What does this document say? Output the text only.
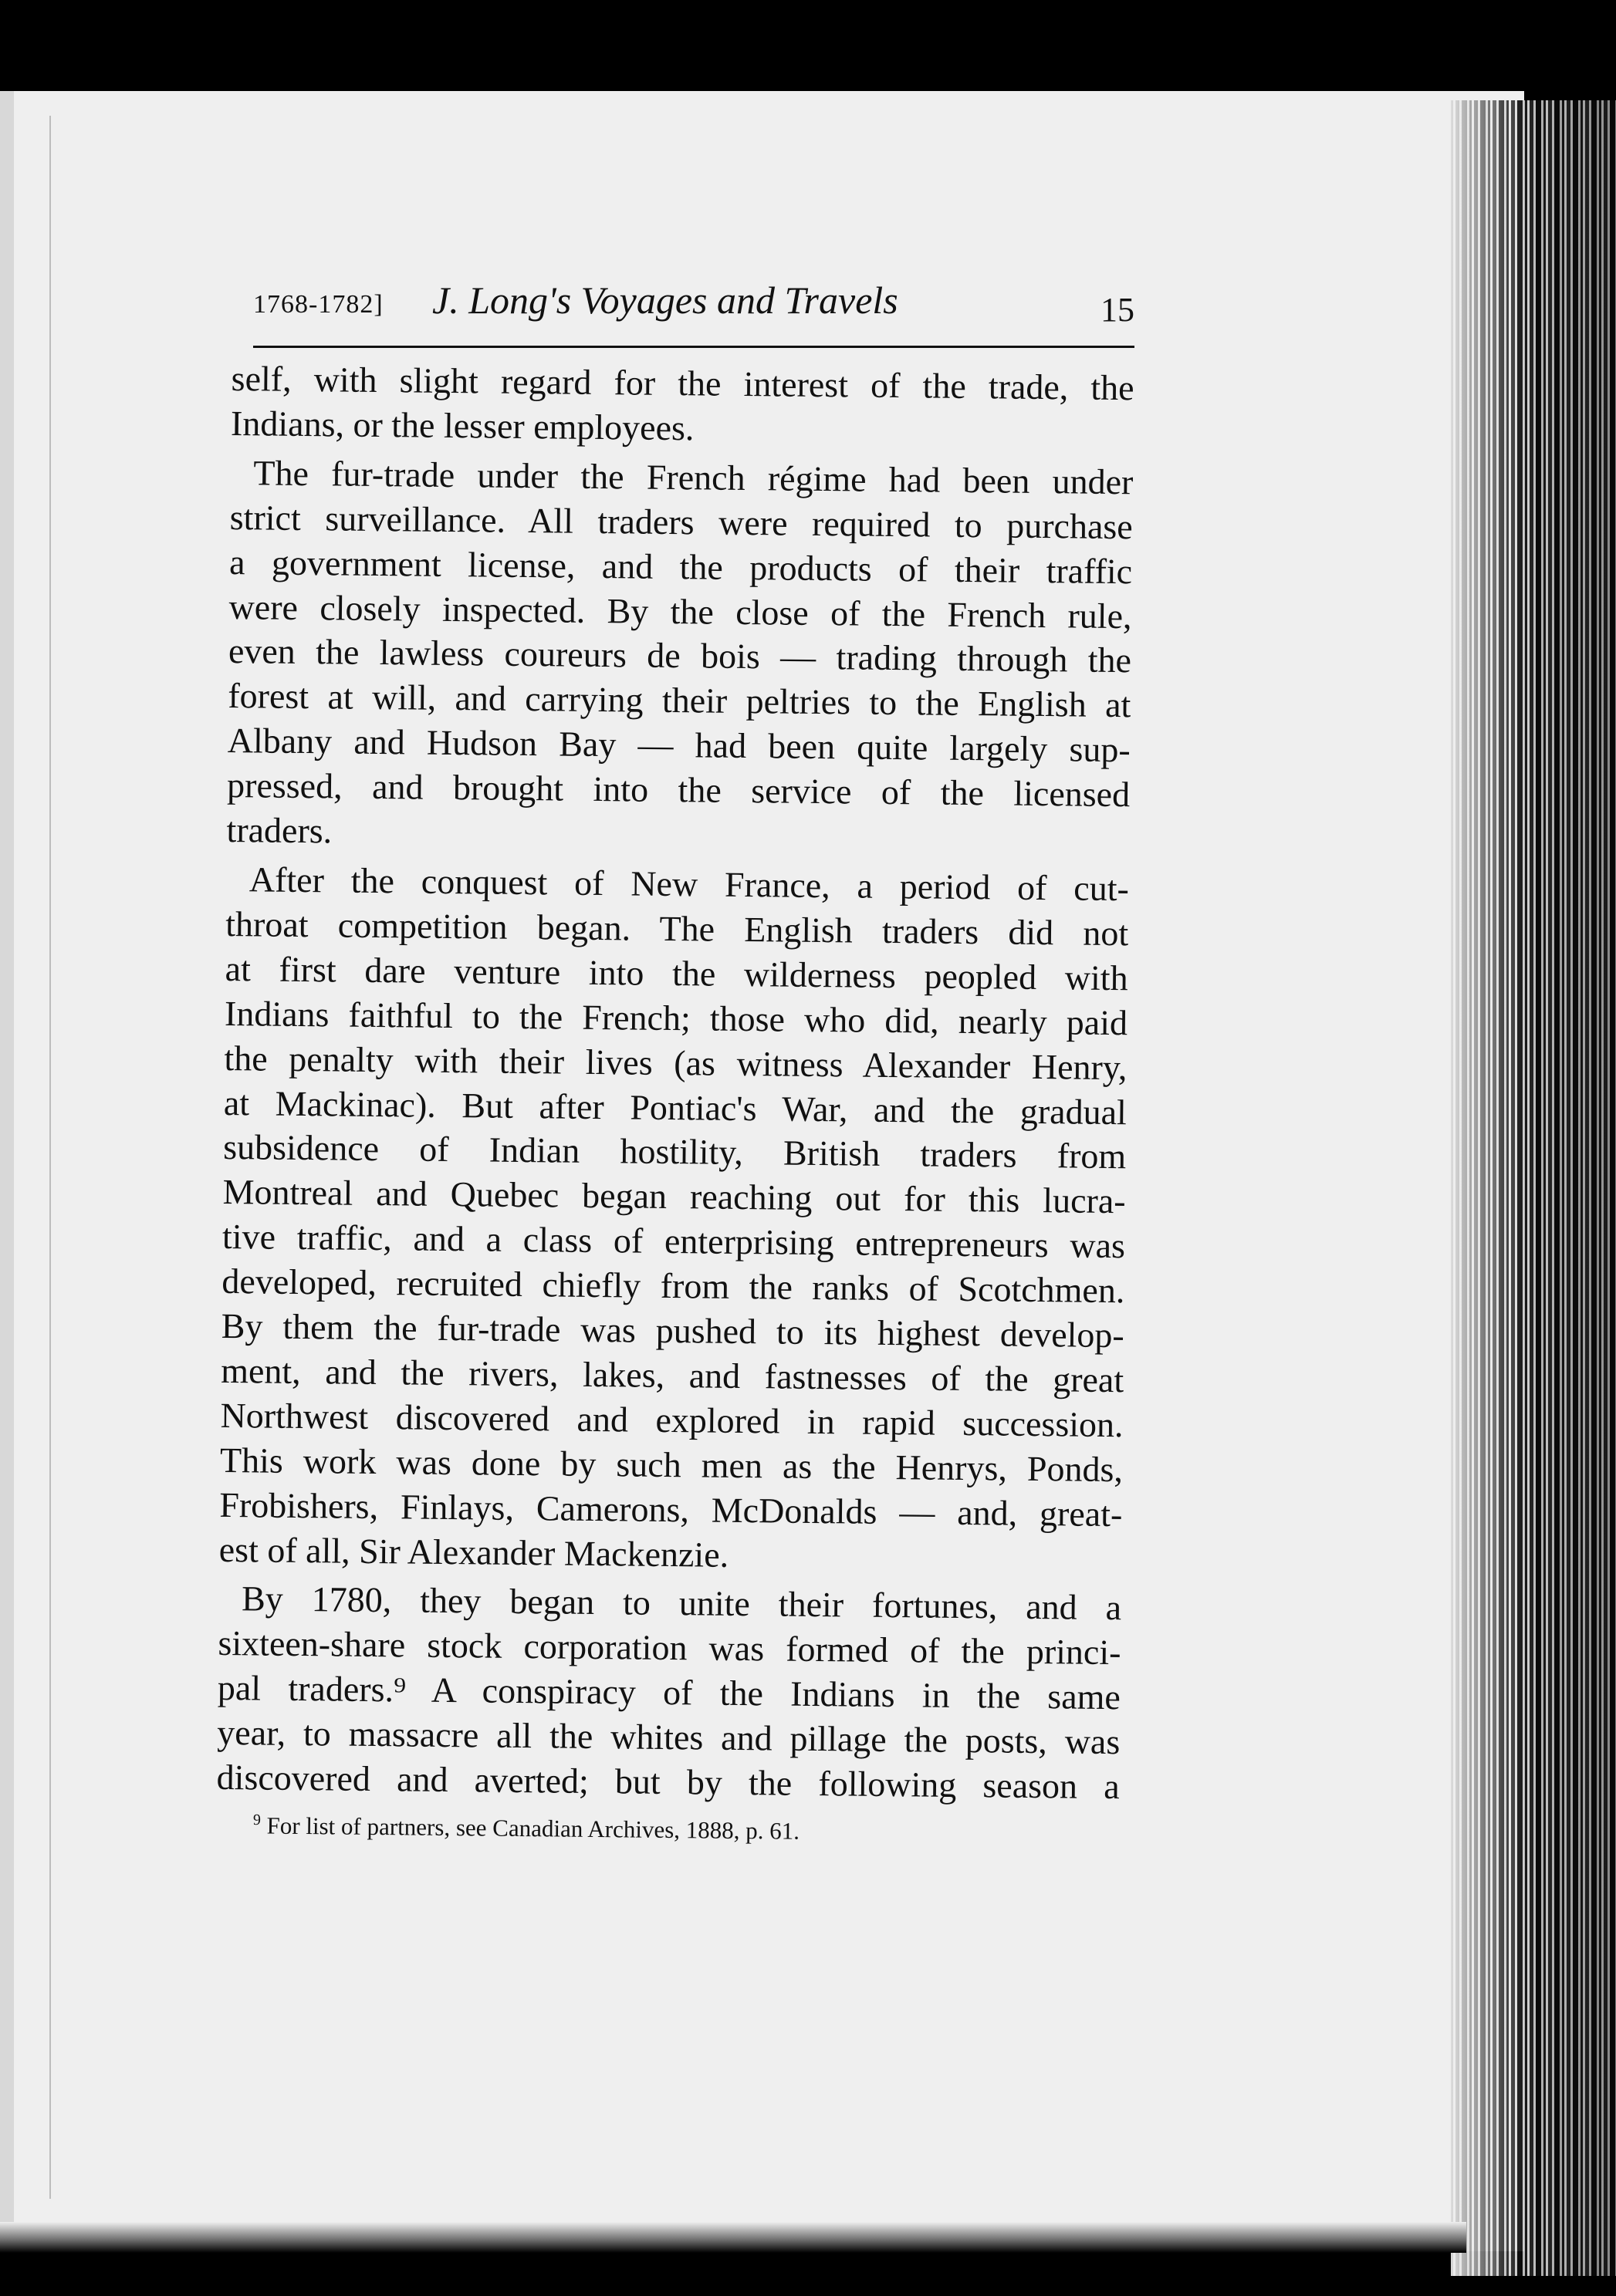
1768-1782] J. Long's Voyages and Travels	15

self, with slight regard for the interest of the trade, the
Indians, or the lesser employees.

The fur-trade under the French régime had been under
strict surveillance. All traders were required to purchase
a government license, and the products of their traffic
were closely inspected. By the close of the French rule,
even the lawless coureurs de bois — trading through the
forest at will, and carrying their peltries to the English at
Albany and Hudson Bay — had been quite largely sup-
pressed, and brought into the service of the licensed
traders.

After the conquest of New France, a period of cut-
throat competition began. The English traders did not
at first dare venture into the wilderness peopled with
Indians faithful to the French; those who did, nearly paid
the penalty with their lives (as witness Alexander Henry,
at Mackinac). But after Pontiac's War, and the gradual
subsidence of Indian hostility, British traders from
Montreal and Quebec began reaching out for this lucra-
tive traffic, and a class of enterprising entrepreneurs was
developed, recruited chiefly from the ranks of Scotchmen.
By them the fur-trade was pushed to its highest develop-
ment, and the rivers, lakes, and fastnesses of the great
Northwest discovered and explored in rapid succession.
This work was done by such men as the Henrys, Ponds,
Frobishers, Finlays, Camerons, McDonalds — and, great-
est of all, Sir Alexander Mackenzie.

By 1780, they began to unite their fortunes, and a
sixteen-share stock corporation was formed of the princi-
pal traders.⁹ A conspiracy of the Indians in the same
year, to massacre all the whites and pillage the posts, was
discovered and averted; but by the following season a

$^9$ For list of partners, see Canadian Archives, 1888, p. 61.
